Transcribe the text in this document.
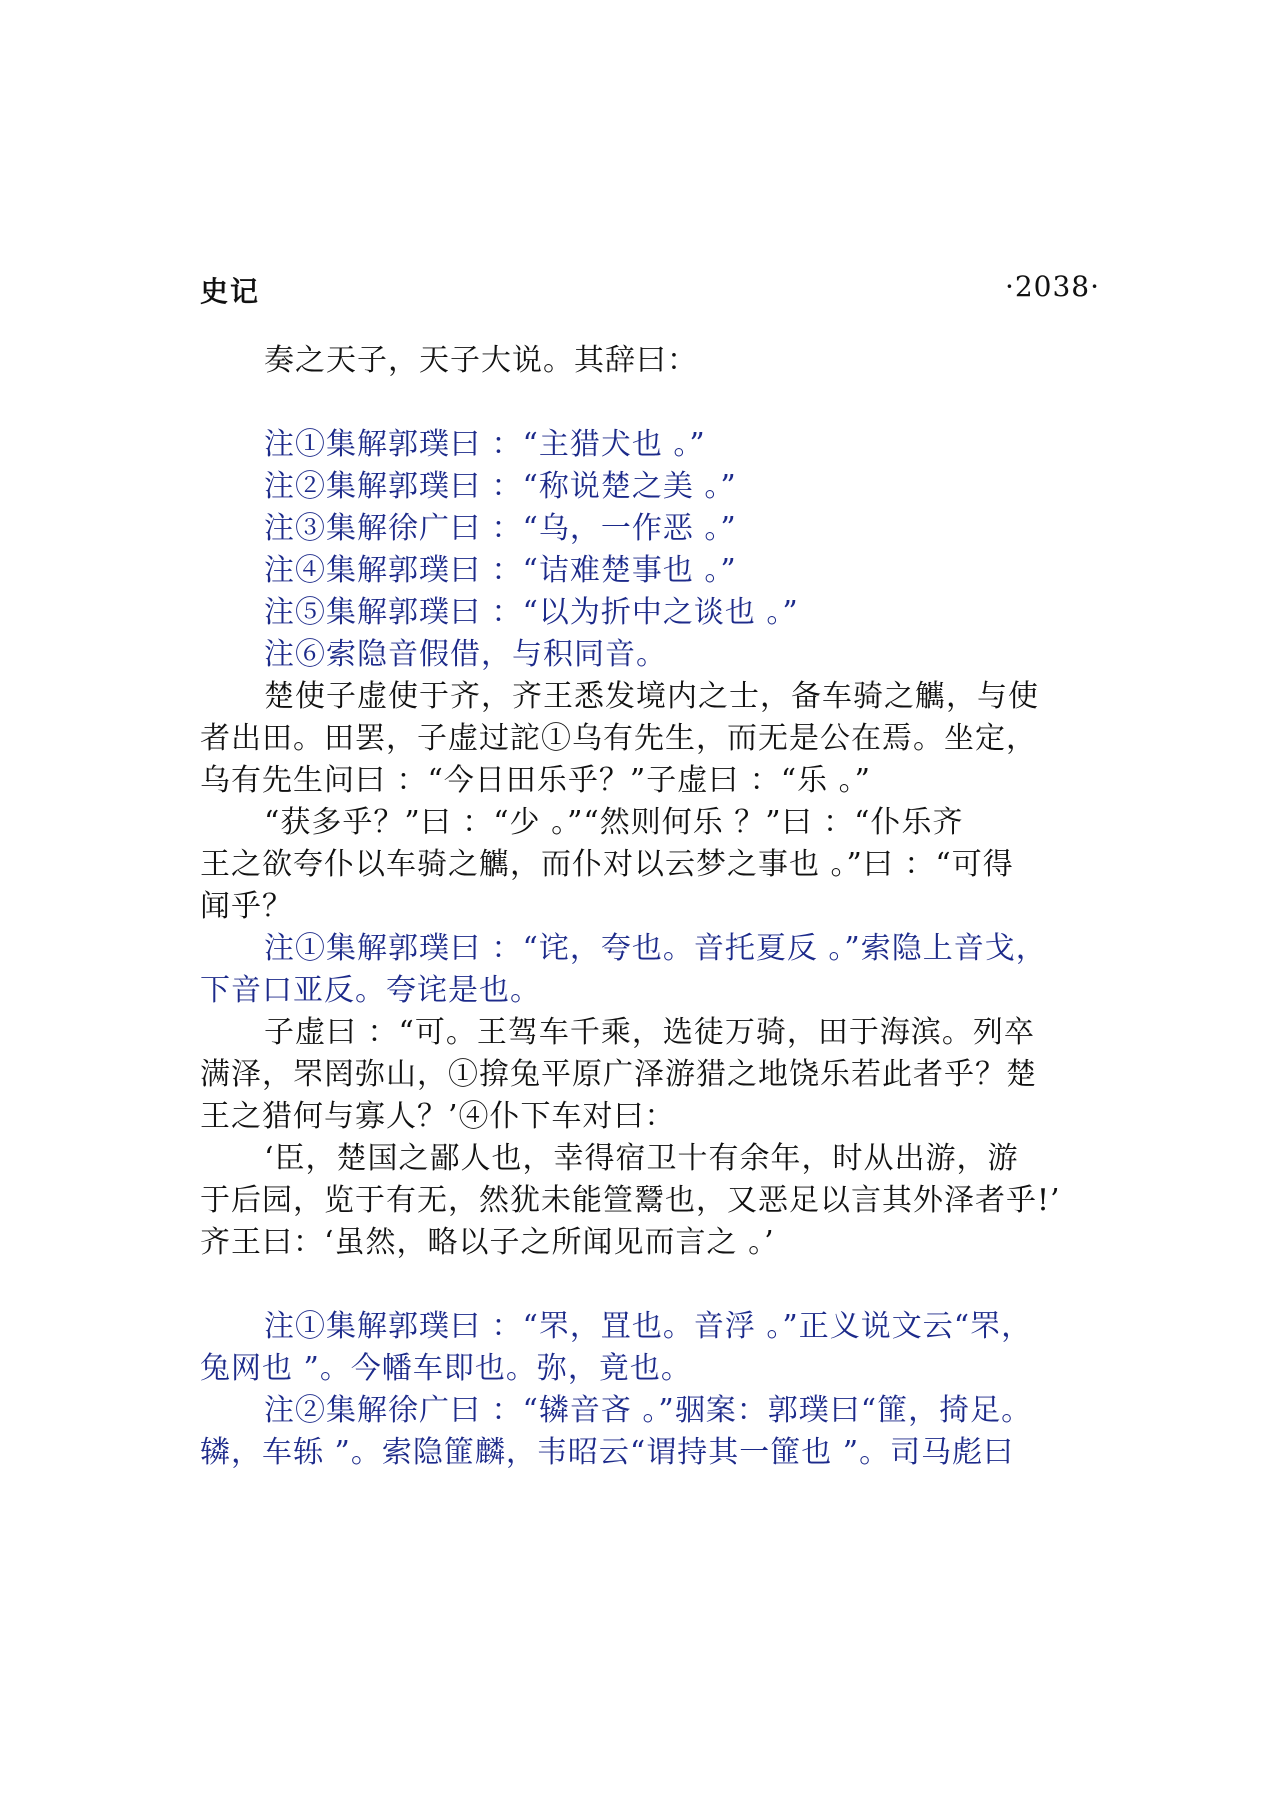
史记	·2038·
奏之天子，天子大说。其辞曰：
注①集解郭璞曰 ：“主猎犬也 。”
注②集解郭璞曰 ：“称说楚之美 。”
注③集解徐广曰 ：“乌，一作恶 。”
注④集解郭璞曰 ：“诘难楚事也 。”
注⑤集解郭璞曰 ：“以为折中之谈也 。”
注⑥索隐音假借，与积同音。
楚使子虚使于齐，齐王悉发境内之士，备车骑之觽，与使
者出田。田罢，子虚过詑①乌有先生，而无是公在焉。坐定，
乌有先生问曰 ：“今日田乐乎？”子虚曰 ：“乐 。”
“获多乎？”曰 ：“少 。”“然则何乐 ？”曰 ：“仆乐齐
王之欲夸仆以车骑之觽，而仆对以云梦之事也 。”曰 ：“可得
闻乎？
注①集解郭璞曰 ：“诧，夸也。音托夏反 。”索隐上音戈，
下音口亚反。夸诧是也。
子虚曰 ：“可。王驾车千乘，选徒万骑，田于海滨。列卒
满泽，罘罔弥山，①揜兔平原广泽游猎之地饶乐若此者乎？楚
王之猎何与寡人？’④仆下车对曰：
‘臣，楚国之鄙人也，幸得宿卫十有余年，时从出游，游
于后园，览于有无，然犹未能箮鬵也，又恶足以言其外泽者乎!’
齐王曰：‘虽然，略以子之所闻见而言之 。’
注①集解郭璞曰 ：“罘，罝也。音浮 。”正义说文云“罘，
兔网也 ”。今幡车即也。弥，竟也。
注②集解徐广曰 ：“辚音吝 。”骃案：郭璞曰“篚，掎足。
辚，车轹 ”。索隐篚麟，韦昭云“谓持其一篚也 ”。司马彪曰
